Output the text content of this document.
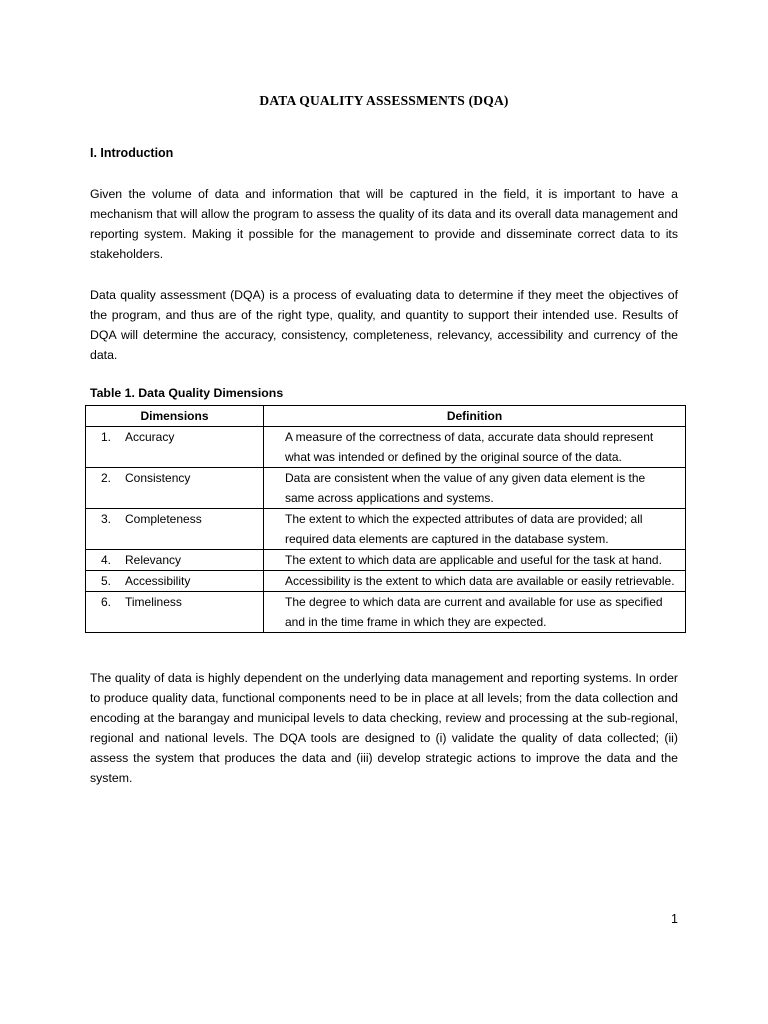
DATA QUALITY ASSESSMENTS (DQA)
I. Introduction

Given the volume of data and information that will be captured in the field, it is important to have a mechanism that will allow the program to assess the quality of its data and its overall data management and reporting system. Making it possible for the management to provide and disseminate correct data to its stakeholders.

Data quality assessment (DQA) is a process of evaluating data to determine if they meet the objectives of the program, and thus are of the right type, quality, and quantity to support their intended use. Results of DQA will determine the accuracy, consistency, completeness, relevancy, accessibility and currency of the data.

Table 1. Data Quality Dimensions
Dimensions	Definition
1. Accuracy	A measure of the correctness of data, accurate data should represent what was intended or defined by the original source of the data.
2. Consistency	Data are consistent when the value of any given data element is the same across applications and systems.
3. Completeness	The extent to which the expected attributes of data are provided; all required data elements are captured in the database system.
4. Relevancy	The extent to which data are applicable and useful for the task at hand.
5. Accessibility	Accessibility is the extent to which data are available or easily retrievable.
6. Timeliness	The degree to which data are current and available for use as specified and in the time frame in which they are expected.

The quality of data is highly dependent on the underlying data management and reporting systems. In order to produce quality data, functional components need to be in place at all levels; from the data collection and encoding at the barangay and municipal levels to data checking, review and processing at the sub-regional, regional and national levels. The DQA tools are designed to (i) validate the quality of data collected; (ii) assess the system that produces the data and (iii) develop strategic actions to improve the data and the system.

1
